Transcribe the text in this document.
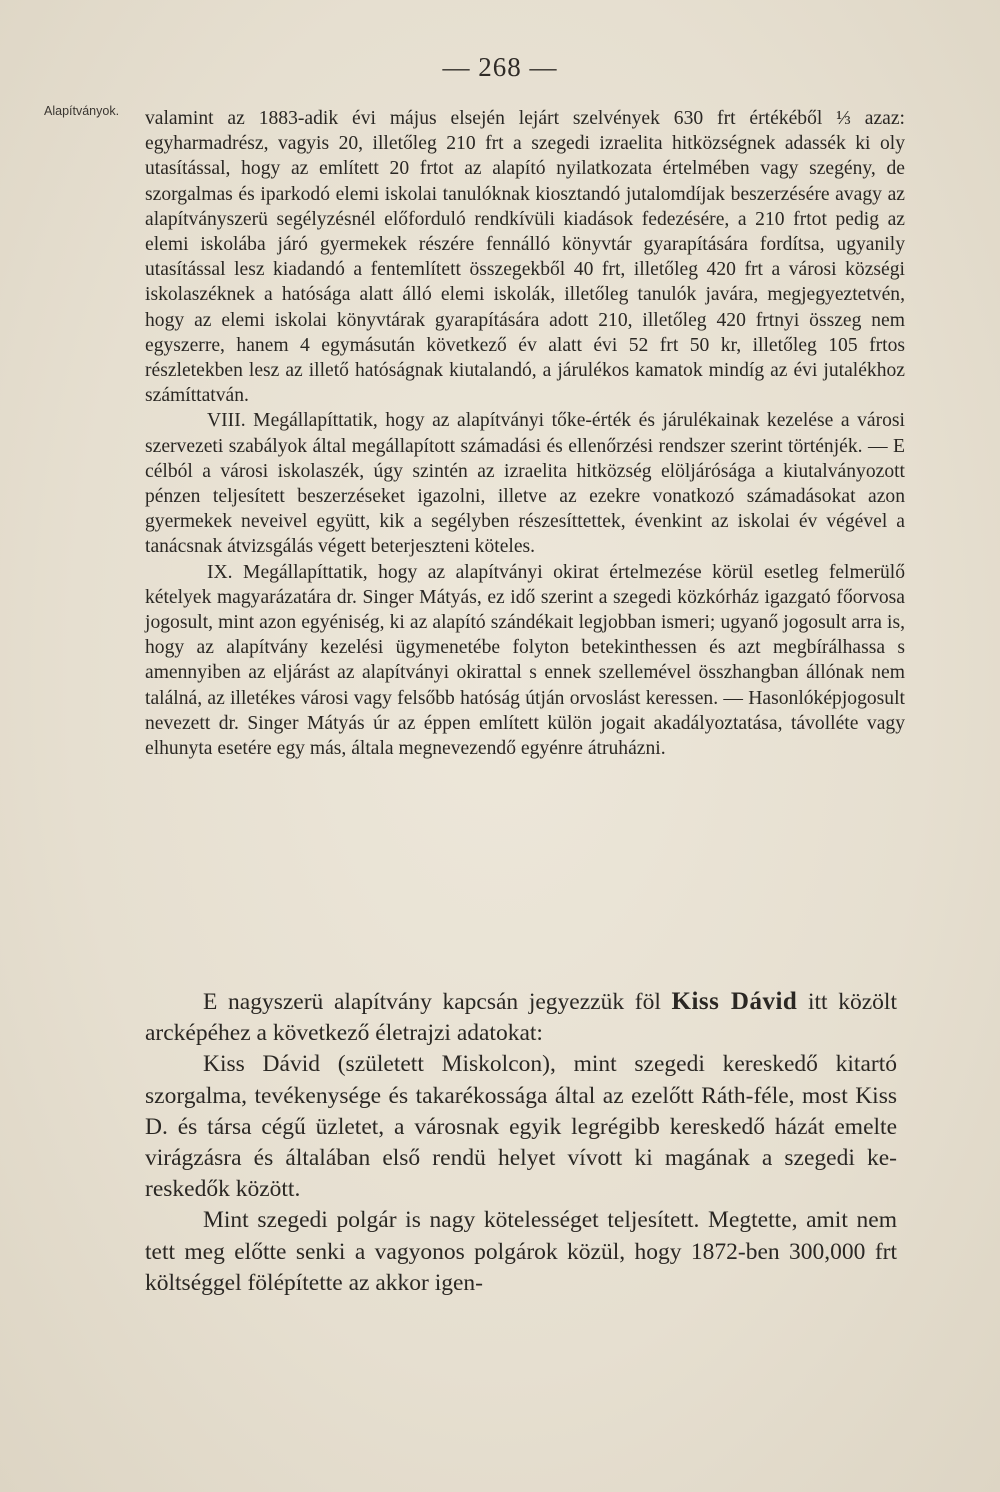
— 268 —
Alapítványok. valamint az 1883-adik évi május elsején lejárt szelvények 630 frt értékéből ⅓ azaz: egyharmadrész, vagyis 20, illetőleg 210 frt a szegedi izraelita hitközségnek adassék ki oly utasítással, hogy az említett 20 frtot az alapító nyilatkozata értelmében vagy szegény, de szorgalmas és iparkodó elemi iskolai tanulóknak kiosztandó jutalomdíjak beszerzésére avagy az alapítványszerü segélyzésnél előforduló rendkívüli kiadások fedezésére, a 210 frtot pedig az elemi iskolába járó gyermekek részére fennálló könyvtár gyarapítására fordítsa, ugyanily utasítással lesz kiadandó a fentemlített összegekből 40 frt, illetőleg 420 frt a városi községi iskolaszéknek a hatósága alatt álló elemi iskolák, illetőleg tanulók javára, megjegyeztetvén, hogy az elemi iskolai könyvtárak gyarapítására adott 210, illetőleg 420 frtnyi összeg nem egyszerre, hanem 4 egymásután következő év alatt évi 52 frt 50 kr, illetőleg 105 frtos részletekben lesz az illető hatóságnak kiutalandó, a járulékos kamatok mindíg az évi jutalékhoz számíttatván.

VIII. Megállapíttatik, hogy az alapítványi tőke-érték és járulékainak kezelése a városi szervezeti szabályok által megállapított számadási és ellenőrzési rendszer szerint történjék. — E célból a városi iskolaszék, úgy szintén az izraelita hitközség elöljárósága a kiutalványozott pénzen teljesített beszerzéseket igazolni, illetve az ezekre vonatkozó számadásokat azon gyermekek neveivel együtt, kik a segélyben részesíttettek, évenkint az iskolai év végével a tanácsnak átvizsgálás végett beterjeszteni köteles.

IX. Megállapíttatik, hogy az alapítványi okirat értelmezése körül esetleg felmerülő kételyek magyarázatára dr. Singer Mátyás, ez idő szerint a szegedi közkórház igazgató főorvosa jogosult, mint azon egyéniség, ki az alapító szándékait legjobban ismeri; ugyanő jogosult arra is, hogy az alapítvány kezelési ügymenetébe folyton betekinthessen és azt megbírálhassa s amennyiben az eljárást az alapítványi okirattal s ennek szellemével összhangban állónak nem találná, az illetékes városi vagy felsőbb hatóság útján orvoslást keressen. — Hasonlóképjogosult nevezett dr. Singer Mátyás úr az éppen említett külön jogait akadályoztatása, távolléte vagy elhunyta esetére egy más, általa megnevezendő egyénre átruházni.

E nagyszerü alapítvány kapcsán jegyezzük föl Kiss Dávid itt közölt arcképéhez a következő életrajzi adatokat:

Kiss Dávid (született Miskolcon), mint szegedi kereskedő kitartó szorgalma, tevékenysége és takarékossága által az ezelőtt Ráth-féle, most Kiss D. és társa cégű üzletet, a városnak egyik legrégibb kereskedő házát emelte virágzásra és általában első rendü helyet vívott ki magának a szegedi kereskedők között.

Mint szegedi polgár is nagy kötelességet teljesített. Megtette, amit nem tett meg előtte senki a vagyonos polgárok közül, hogy 1872-ben 300,000 frt költséggel fölépítette az akkor igen-
